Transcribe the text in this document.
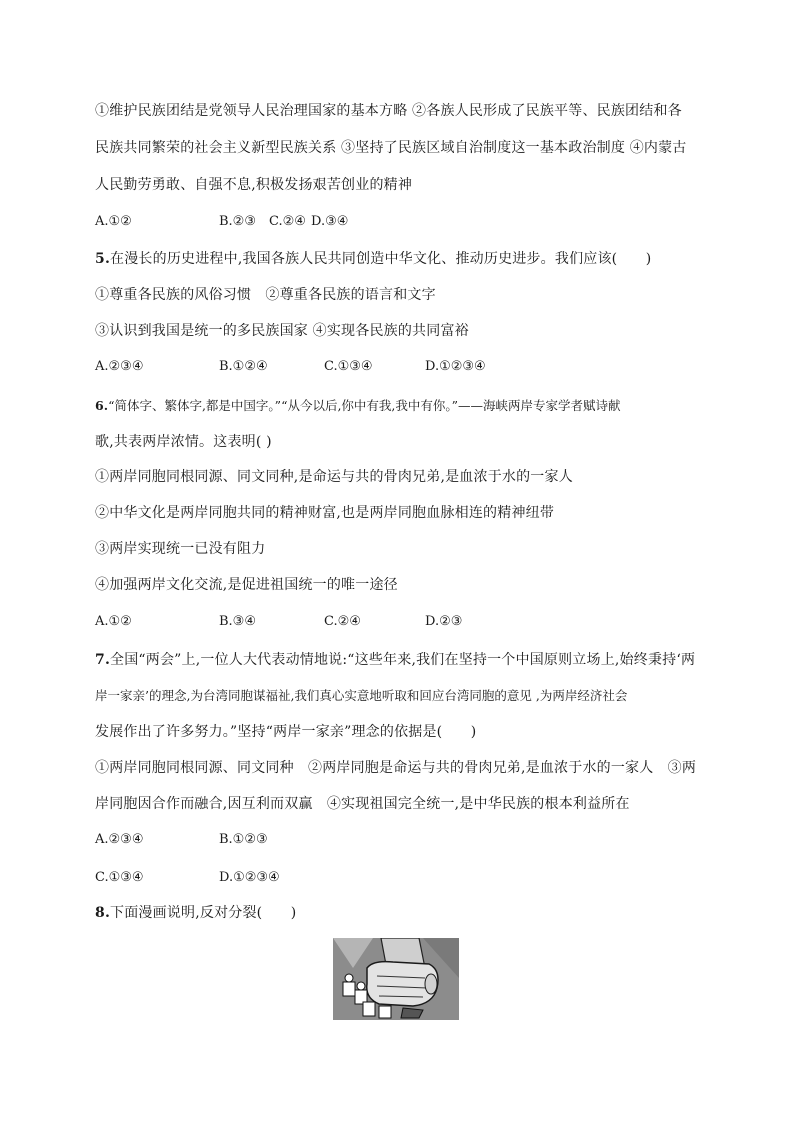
①维护民族团结是党领导人民治理国家的基本方略 ②各族人民形成了民族平等、民族团结和各
民族共同繁荣的社会主义新型民族关系 ③坚持了民族区域自治制度这一基本政治制度 ④内蒙古
人民勤劳勇敢、自强不息,积极发扬艰苦创业的精神
A.①②	B.②③ C.②④ D.③④
5.在漫长的历史进程中,我国各族人民共同创造中华文化、推动历史进步。我们应该(　　)
①尊重各民族的风俗习惯　②尊重各民族的语言和文字
③认识到我国是统一的多民族国家 ④实现各民族的共同富裕
A.②③④	B.①②④	C.①③④	D.①②③④
6.“简体字、繁体字,都是中国字。”“从今以后,你中有我,我中有你。”——海峡两岸专家学者赋诗献
歌,共表两岸浓情。这表明( )
①两岸同胞同根同源、同文同种,是命运与共的骨肉兄弟,是血浓于水的一家人
②中华文化是两岸同胞共同的精神财富,也是两岸同胞血脉相连的精神纽带
③两岸实现统一已没有阻力
④加强两岸文化交流,是促进祖国统一的唯一途径
A.①②	B.③④	C.②④	D.②③
7.全国“两会”上,一位人大代表动情地说:“这些年来,我们在坚持一个中国原则立场上,始终秉持‘两
岸一家亲’的理念,为台湾同胞谋福祉,我们真心实意地听取和回应台湾同胞的意见 ,为两岸经济社会
发展作出了许多努力。”坚持“两岸一家亲”理念的依据是(　　)
①两岸同胞同根同源、同文同种　②两岸同胞是命运与共的骨肉兄弟,是血浓于水的一家人　③两
岸同胞因合作而融合,因互利而双赢　④实现祖国完全统一,是中华民族的根本利益所在
A.②③④	B.①②③
C.①③④	D.①②③④
8.下面漫画说明,反对分裂(　　)
